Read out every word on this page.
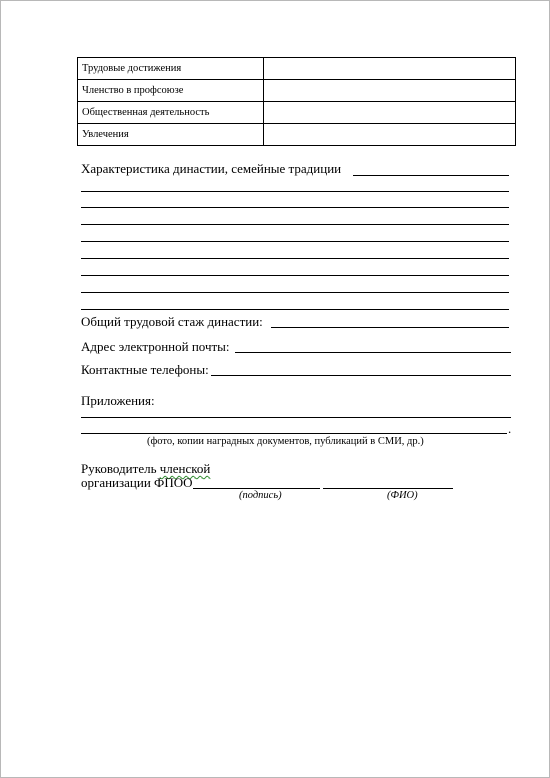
Трудовые достижения	
Членство в профсоюзе	
Общественная деятельность	
Увлечения	
Характеристика династии, семейные традиции
Общий трудовой стаж династии:
Адрес электронной почты:
Контактные телефоны:
Приложения:
.
(фото, копии наградных документов, публикаций в СМИ, др.)
Руководитель членской
организации ФПОО
(подпись)	(ФИО)
